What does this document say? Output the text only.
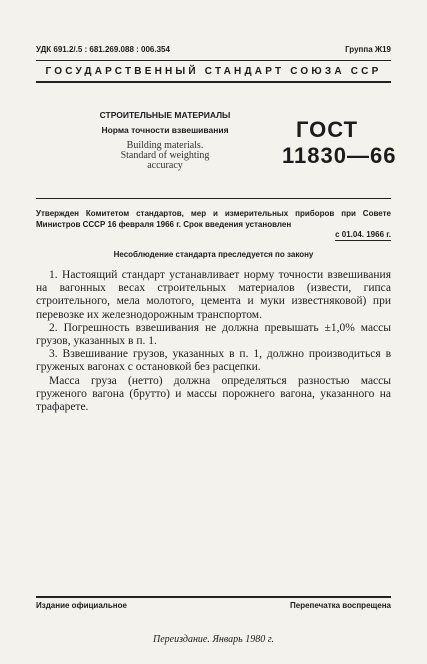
УДК 691.2/.5 : 681.269.088 : 006.354	Группа Ж19
ГОСУДАРСТВЕННЫЙ СТАНДАРТ СОЮЗА ССР
СТРОИТЕЛЬНЫЕ МАТЕРИАЛЫ
Норма точности взвешивания
Building materials.
Standard of weighting
accuracy
ГОСТ
11830—66
Утвержден Комитетом стандартов, мер и измерительных приборов при Совете Министров СССР 16 февраля 1966 г. Срок введения установлен
с 01.04. 1966 г.
Несоблюдение стандарта преследуется по закону

1. Настоящий стандарт устанавливает норму точности взвешивания на вагонных весах строительных материалов (извести, гипса строительного, мела молотого, цемента и муки известняковой) при перевозке их железнодорожным транспортом.

2. Погрешность взвешивания не должна превышать ±1,0% массы грузов, указанных в п. 1.

3. Взвешивание грузов, указанных в п. 1, должно производиться в груженых вагонах с остановкой без расцепки.

Масса груза (нетто) должна определяться разностью массы груженого вагона (брутто) и массы порожнего вагона, указанного на трафарете.

Издание официальное	Перепечатка воспрещена
Переиздание. Январь 1980 г.
